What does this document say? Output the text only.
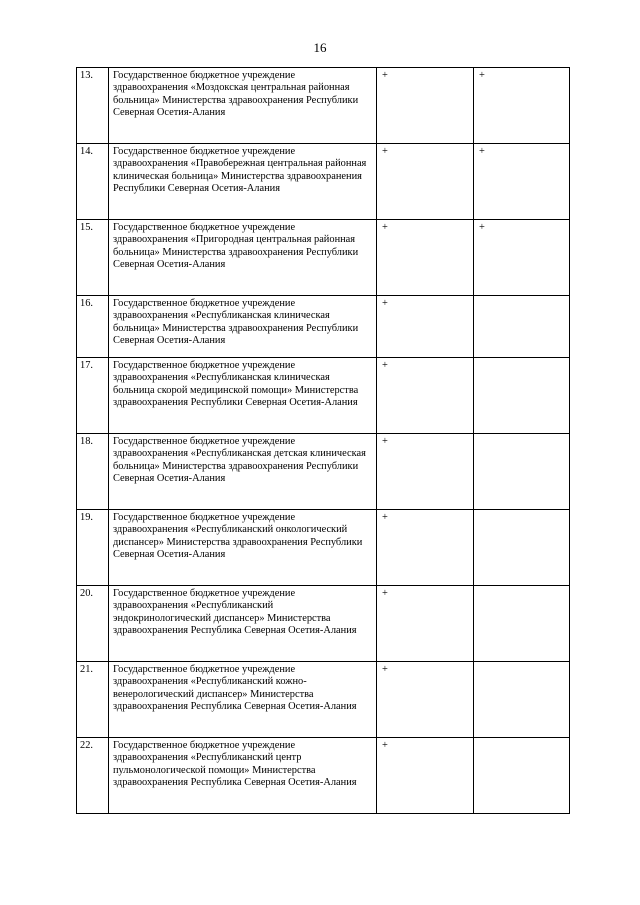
16
13.	Государственное бюджетное учреждение здравоохранения «Моздокская центральная районная больница» Министерства здравоохранения Республики Северная Осетия-Алания	+	+
14.	Государственное бюджетное учреждение здравоохранения «Правобережная центральная районная клиническая больница» Министерства здравоохранения Республики Северная Осетия-Алания	+	+
15.	Государственное бюджетное учреждение здравоохранения «Пригородная центральная районная больница» Министерства здравоохранения Республики Северная Осетия-Алания	+	+
16.	Государственное бюджетное учреждение здравоохранения «Республиканская клиническая больница» Министерства здравоохранения Республики Северная Осетия-Алания	+	
17.	Государственное бюджетное учреждение здравоохранения «Республиканская клиническая больница скорой медицинской помощи» Министерства здравоохранения Республики Северная Осетия-Алания	+	
18.	Государственное бюджетное учреждение здравоохранения «Республиканская детская клиническая больница» Министерства здравоохранения Республики Северная Осетия-Алания	+	
19.	Государственное бюджетное учреждение здравоохранения «Республиканский онкологический диспансер» Министерства здравоохранения Республики Северная Осетия-Алания	+	
20.	Государственное бюджетное учреждение здравоохранения «Республиканский эндокринологический диспансер» Министерства здравоохранения Республика Северная Осетия-Алания	+	
21.	Государственное бюджетное учреждение здравоохранения «Республиканский кожно-венерологический диспансер» Министерства здравоохранения Республика Северная Осетия-Алания	+	
22.	Государственное бюджетное учреждение здравоохранения «Республиканский центр пульмонологической помощи» Министерства здравоохранения Республика Северная Осетия-Алания	+	
